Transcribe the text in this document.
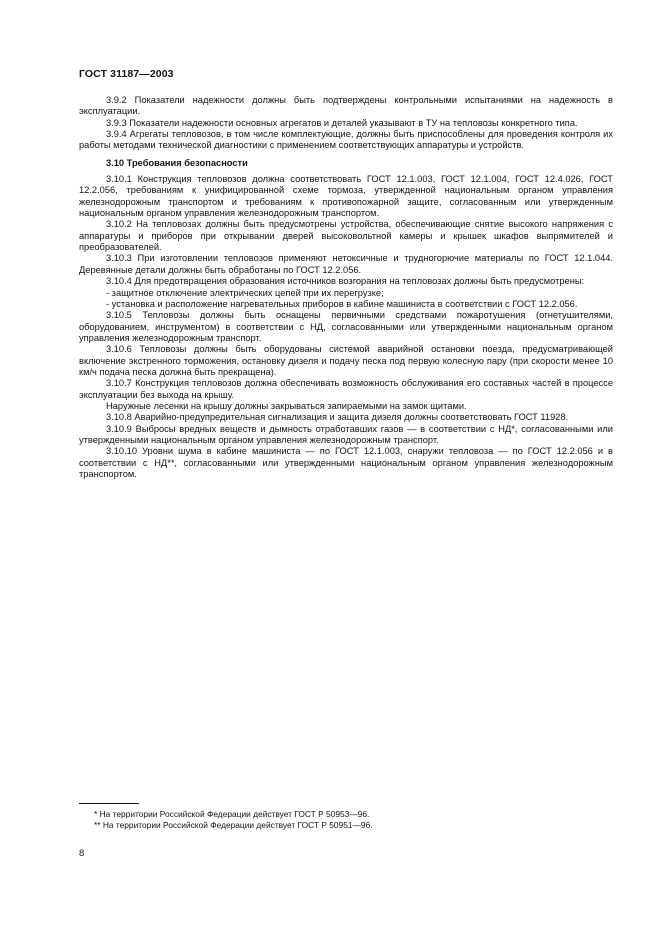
ГОСТ 31187—2003

3.9.2 Показатели надежности должны быть подтверждены контрольными испытаниями на надежность в эксплуатации.

3.9.3 Показатели надежности основных агрегатов и деталей указывают в ТУ на тепловозы конкретного типа.

3.9.4 Агрегаты тепловозов, в том числе комплектующие, должны быть приспособлены для проведения контроля их работы методами технической диагностики с применением соответствующих аппаратуры и устройств.

3.10 Требования безопасности

3.10.1 Конструкция тепловозов должна соответствовать ГОСТ 12.1.003, ГОСТ 12.1.004, ГОСТ 12.4.026, ГОСТ 12.2.056, требованиям к унифицированной схеме тормоза, утвержденной национальным органом управления железнодорожным транспортом и требованиям к противопожарной защите, согласованным или утвержденным национальным органом управления железнодорожным транспортом.

3.10.2 На тепловозах должны быть предусмотрены устройства, обеспечивающие снятие высокого напряжения с аппаратуры и приборов при открывании дверей высоковольтной камеры и крышек шкафов выпрямителей и преобразователей.

3.10.3 При изготовлении тепловозов применяют нетоксичные и трудногорючие материалы по ГОСТ 12.1.044. Деревянные детали должны быть обработаны по ГОСТ 12.2.056.

3.10.4 Для предотвращения образования источников возгорания на тепловозах должны быть предусмотрены:

- защитное отключение электрических цепей при их перегрузке;

- установка и расположение нагревательных приборов в кабине машиниста в соответствии с ГОСТ 12.2.056.

3.10.5 Тепловозы должны быть оснащены первичными средствами пожаротушения (огнетушителями, оборудованием, инструментом) в соответствии с НД, согласованными или утвержденными национальным органом управления железнодорожным транспорт.

3.10.6 Тепловозы должны быть оборудованы системой аварийной остановки поезда, предусматривающей включение экстренного торможения, остановку дизеля и подачу песка под первую колесную пару (при скорости менее 10 км/ч подача песка должна быть прекращена).

3.10.7 Конструкция тепловозов должна обеспечивать возможность обслуживания его составных частей в процессе эксплуатации без выхода на крышу.

Наружные лесенки на крышу должны закрываться запираемыми на замок щитами.

3.10.8 Аварийно-предупредительная сигнализация и защита дизеля должны соответствовать ГОСТ 11928.

3.10.9 Выбросы вредных веществ и дымность отработавших газов — в соответствии с НД*, согласованными или утвержденными национальным органом управления железнодорожным транспорт.

3.10.10 Уровни шума в кабине машиниста — по ГОСТ 12.1.003, снаружи тепловоза — по ГОСТ 12.2.056 и в соответствии с НД**, согласованными или утвержденными национальным органом управления железнодорожным транспортом.

* На территории Российской Федерации действует ГОСТ Р 50953—96.

** На территории Российской Федерации действует ГОСТ Р 50951—96.

8
